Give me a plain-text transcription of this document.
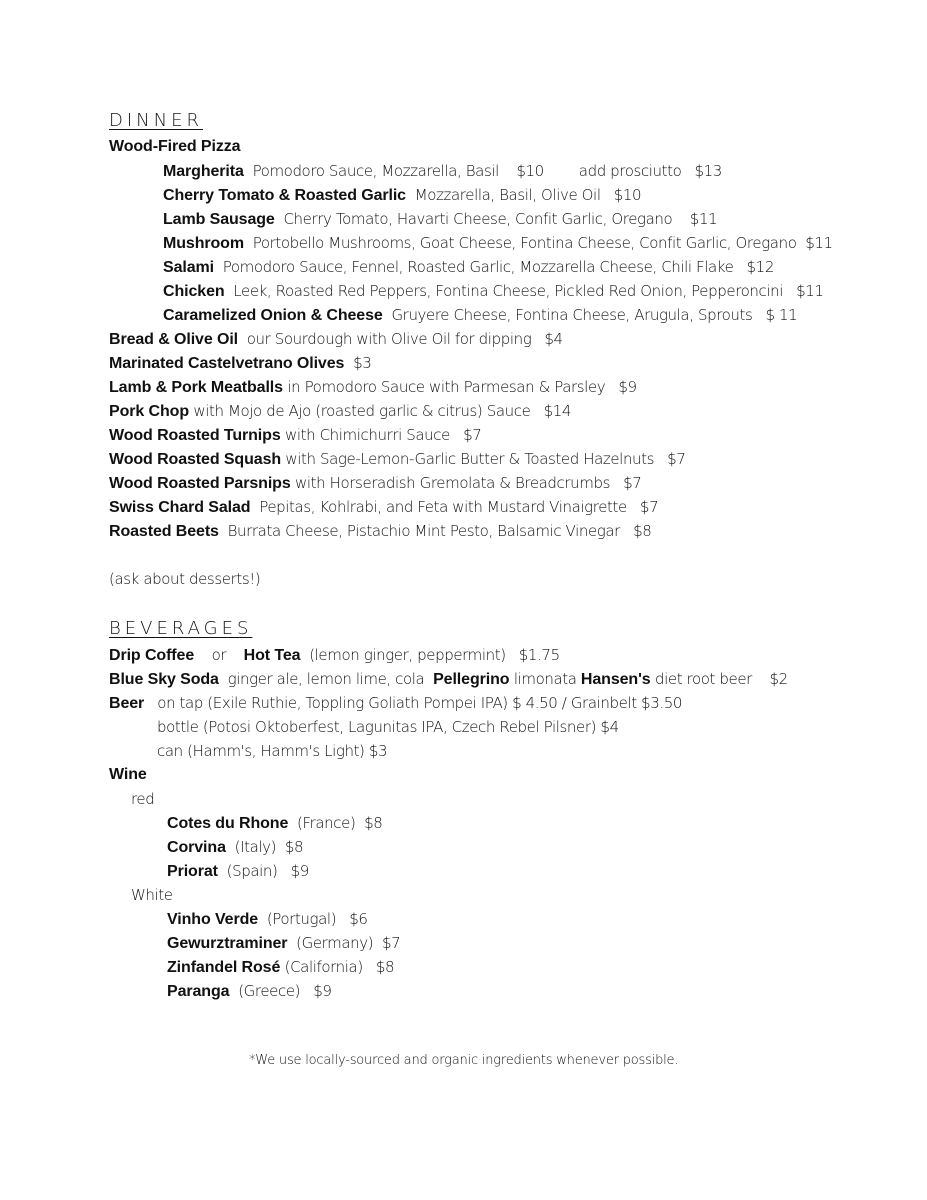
DINNER
Wood-Fired Pizza
Margherita Pomodoro Sauce, Mozzarella, Basil $10 add prosciutto $13
Cherry Tomato & Roasted Garlic Mozzarella, Basil, Olive Oil $10
Lamb Sausage Cherry Tomato, Havarti Cheese, Confit Garlic, Oregano $11
Mushroom Portobello Mushrooms, Goat Cheese, Fontina Cheese, Confit Garlic, Oregano $11
Salami Pomodoro Sauce, Fennel, Roasted Garlic, Mozzarella Cheese, Chili Flake $12
Chicken Leek, Roasted Red Peppers, Fontina Cheese, Pickled Red Onion, Pepperoncini $11
Caramelized Onion & Cheese Gruyere Cheese, Fontina Cheese, Arugula, Sprouts $ 11
Bread & Olive Oil our Sourdough with Olive Oil for dipping $4
Marinated Castelvetrano Olives $3
Lamb & Pork Meatballs in Pomodoro Sauce with Parmesan & Parsley $9
Pork Chop with Mojo de Ajo (roasted garlic & citrus) Sauce $14
Wood Roasted Turnips with Chimichurri Sauce $7
Wood Roasted Squash with Sage-Lemon-Garlic Butter & Toasted Hazelnuts $7
Wood Roasted Parsnips with Horseradish Gremolata & Breadcrumbs $7
Swiss Chard Salad Pepitas, Kohlrabi, and Feta with Mustard Vinaigrette $7
Roasted Beets Burrata Cheese, Pistachio Mint Pesto, Balsamic Vinegar $8
(ask about desserts!)
BEVERAGES
Drip Coffee or Hot Tea (lemon ginger, peppermint) $1.75
Blue Sky Soda ginger ale, lemon lime, cola Pellegrino limonata Hansen's diet root beer $2
Beer on tap (Exile Ruthie, Toppling Goliath Pompei IPA) $ 4.50 / Grainbelt $3.50
bottle (Potosi Oktoberfest, Lagunitas IPA, Czech Rebel Pilsner) $4
can (Hamm's, Hamm's Light) $3
Wine
red
Cotes du Rhone (France) $8
Corvina (Italy) $8
Priorat (Spain) $9
White
Vinho Verde (Portugal) $6
Gewurztraminer (Germany) $7
Zinfandel Rosé (California) $8
Paranga (Greece) $9
*We use locally-sourced and organic ingredients whenever possible.
